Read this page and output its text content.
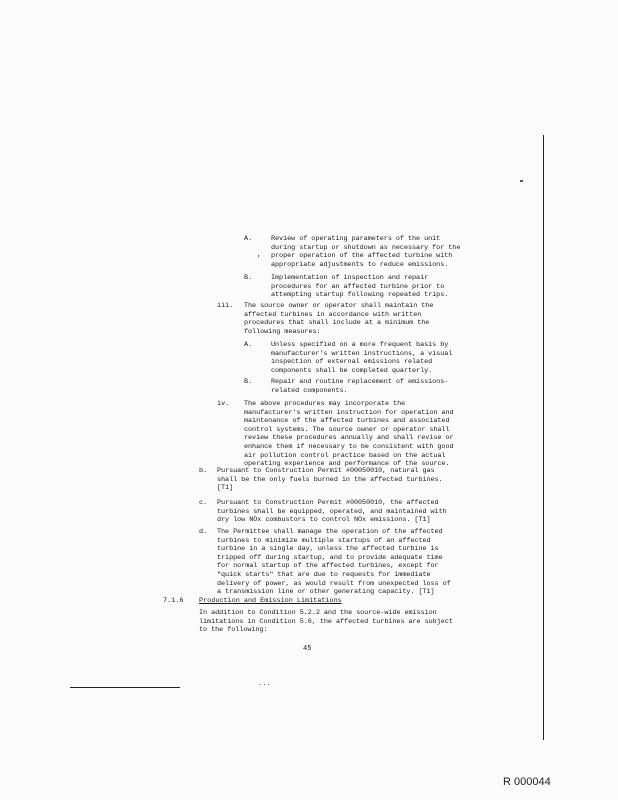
,
A.	Review of operating parameters of the unit
during startup or shutdown as necessary for the
proper operation of the affected turbine with
appropriate adjustments to reduce emissions.
B.	Implementation of inspection and repair
procedures for an affected turbine prior to
attempting startup following repeated trips.
iii. The source owner or operator shall maintain the
affected turbines in accordance with written
procedures that shall include at a minimum the
following measures:
A.	Unless specified on a more frequent basis by
manufacturer's written instructions, a visual
inspection of external emissions related
components shall be completed quarterly.
B.	Repair and routine replacement of emissions-
related components.
iv. The above procedures may incorporate the
manufacturer's written instruction for operation and
maintenance of the affected turbines and associated
control systems. The source owner or operator shall
review these procedures annually and shall revise or
enhance them if necessary to be consistent with good
air pollution control practice based on the actual
operating experience and performance of the source.
b. Pursuant to Construction Permit #00050010, natural gas
shall be the only fuels burned in the affected turbines.
[T1]
c. Pursuant to Construction Permit #00050010, the affected
turbines shall be equipped, operated, and maintained with
dry low NOx combustors to control NOx emissions. [T1]
d. The Permittee shall manage the operation of the affected
turbines to minimize multiple startups of an affected
turbine in a single day, unless the affected turbine is
tripped off during startup, and to provide adequate time
for normal startup of the affected turbines, except for
"quick starts" that are due to requests for immediate
delivery of power, as would result from unexpected loss of
a transmission line or other generating capacity. [T1]
7.1.6 Production and Emission Limitations
In addition to Condition 5.2.2 and the source-wide emission
limitations in Condition 5.6, the affected turbines are subject
to the following:
45
...
R 000044
